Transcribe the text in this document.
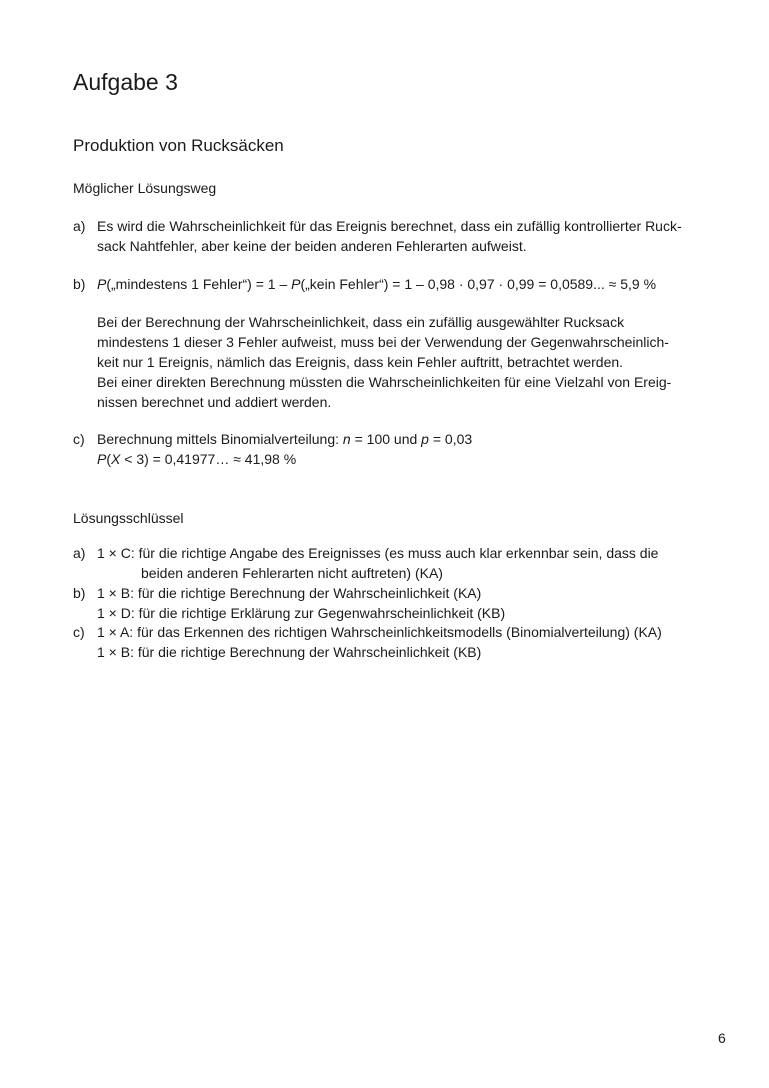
Aufgabe 3
Produktion von Rucksäcken
Möglicher Lösungsweg
a) Es wird die Wahrscheinlichkeit für das Ereignis berechnet, dass ein zufällig kontrollierter Ruck-
sack Nahtfehler, aber keine der beiden anderen Fehlerarten aufweist.
b) P(„mindestens 1 Fehler“) = 1 – P(„kein Fehler“) = 1 – 0,98 · 0,97 · 0,99 = 0,0589... ≈ 5,9 %
Bei der Berechnung der Wahrscheinlichkeit, dass ein zufällig ausgewählter Rucksack
mindestens 1 dieser 3 Fehler aufweist, muss bei der Verwendung der Gegenwahrscheinlich-
keit nur 1 Ereignis, nämlich das Ereignis, dass kein Fehler auftritt, betrachtet werden.
Bei einer direkten Berechnung müssten die Wahrscheinlichkeiten für eine Vielzahl von Ereig-
nissen berechnet und addiert werden.
c) Berechnung mittels Binomialverteilung: n = 100 und p = 0,03
P(X < 3) = 0,41977… ≈ 41,98 %
Lösungsschlüssel
a) 1 × C: für die richtige Angabe des Ereignisses (es muss auch klar erkennbar sein, dass die
beiden anderen Fehlerarten nicht auftreten) (KA)
b) 1 × B: für die richtige Berechnung der Wahrscheinlichkeit (KA)
1 × D: für die richtige Erklärung zur Gegenwahrscheinlichkeit (KB)
c) 1 × A: für das Erkennen des richtigen Wahrscheinlichkeitsmodells (Binomialverteilung) (KA)
1 × B: für die richtige Berechnung der Wahrscheinlichkeit (KB)
6
